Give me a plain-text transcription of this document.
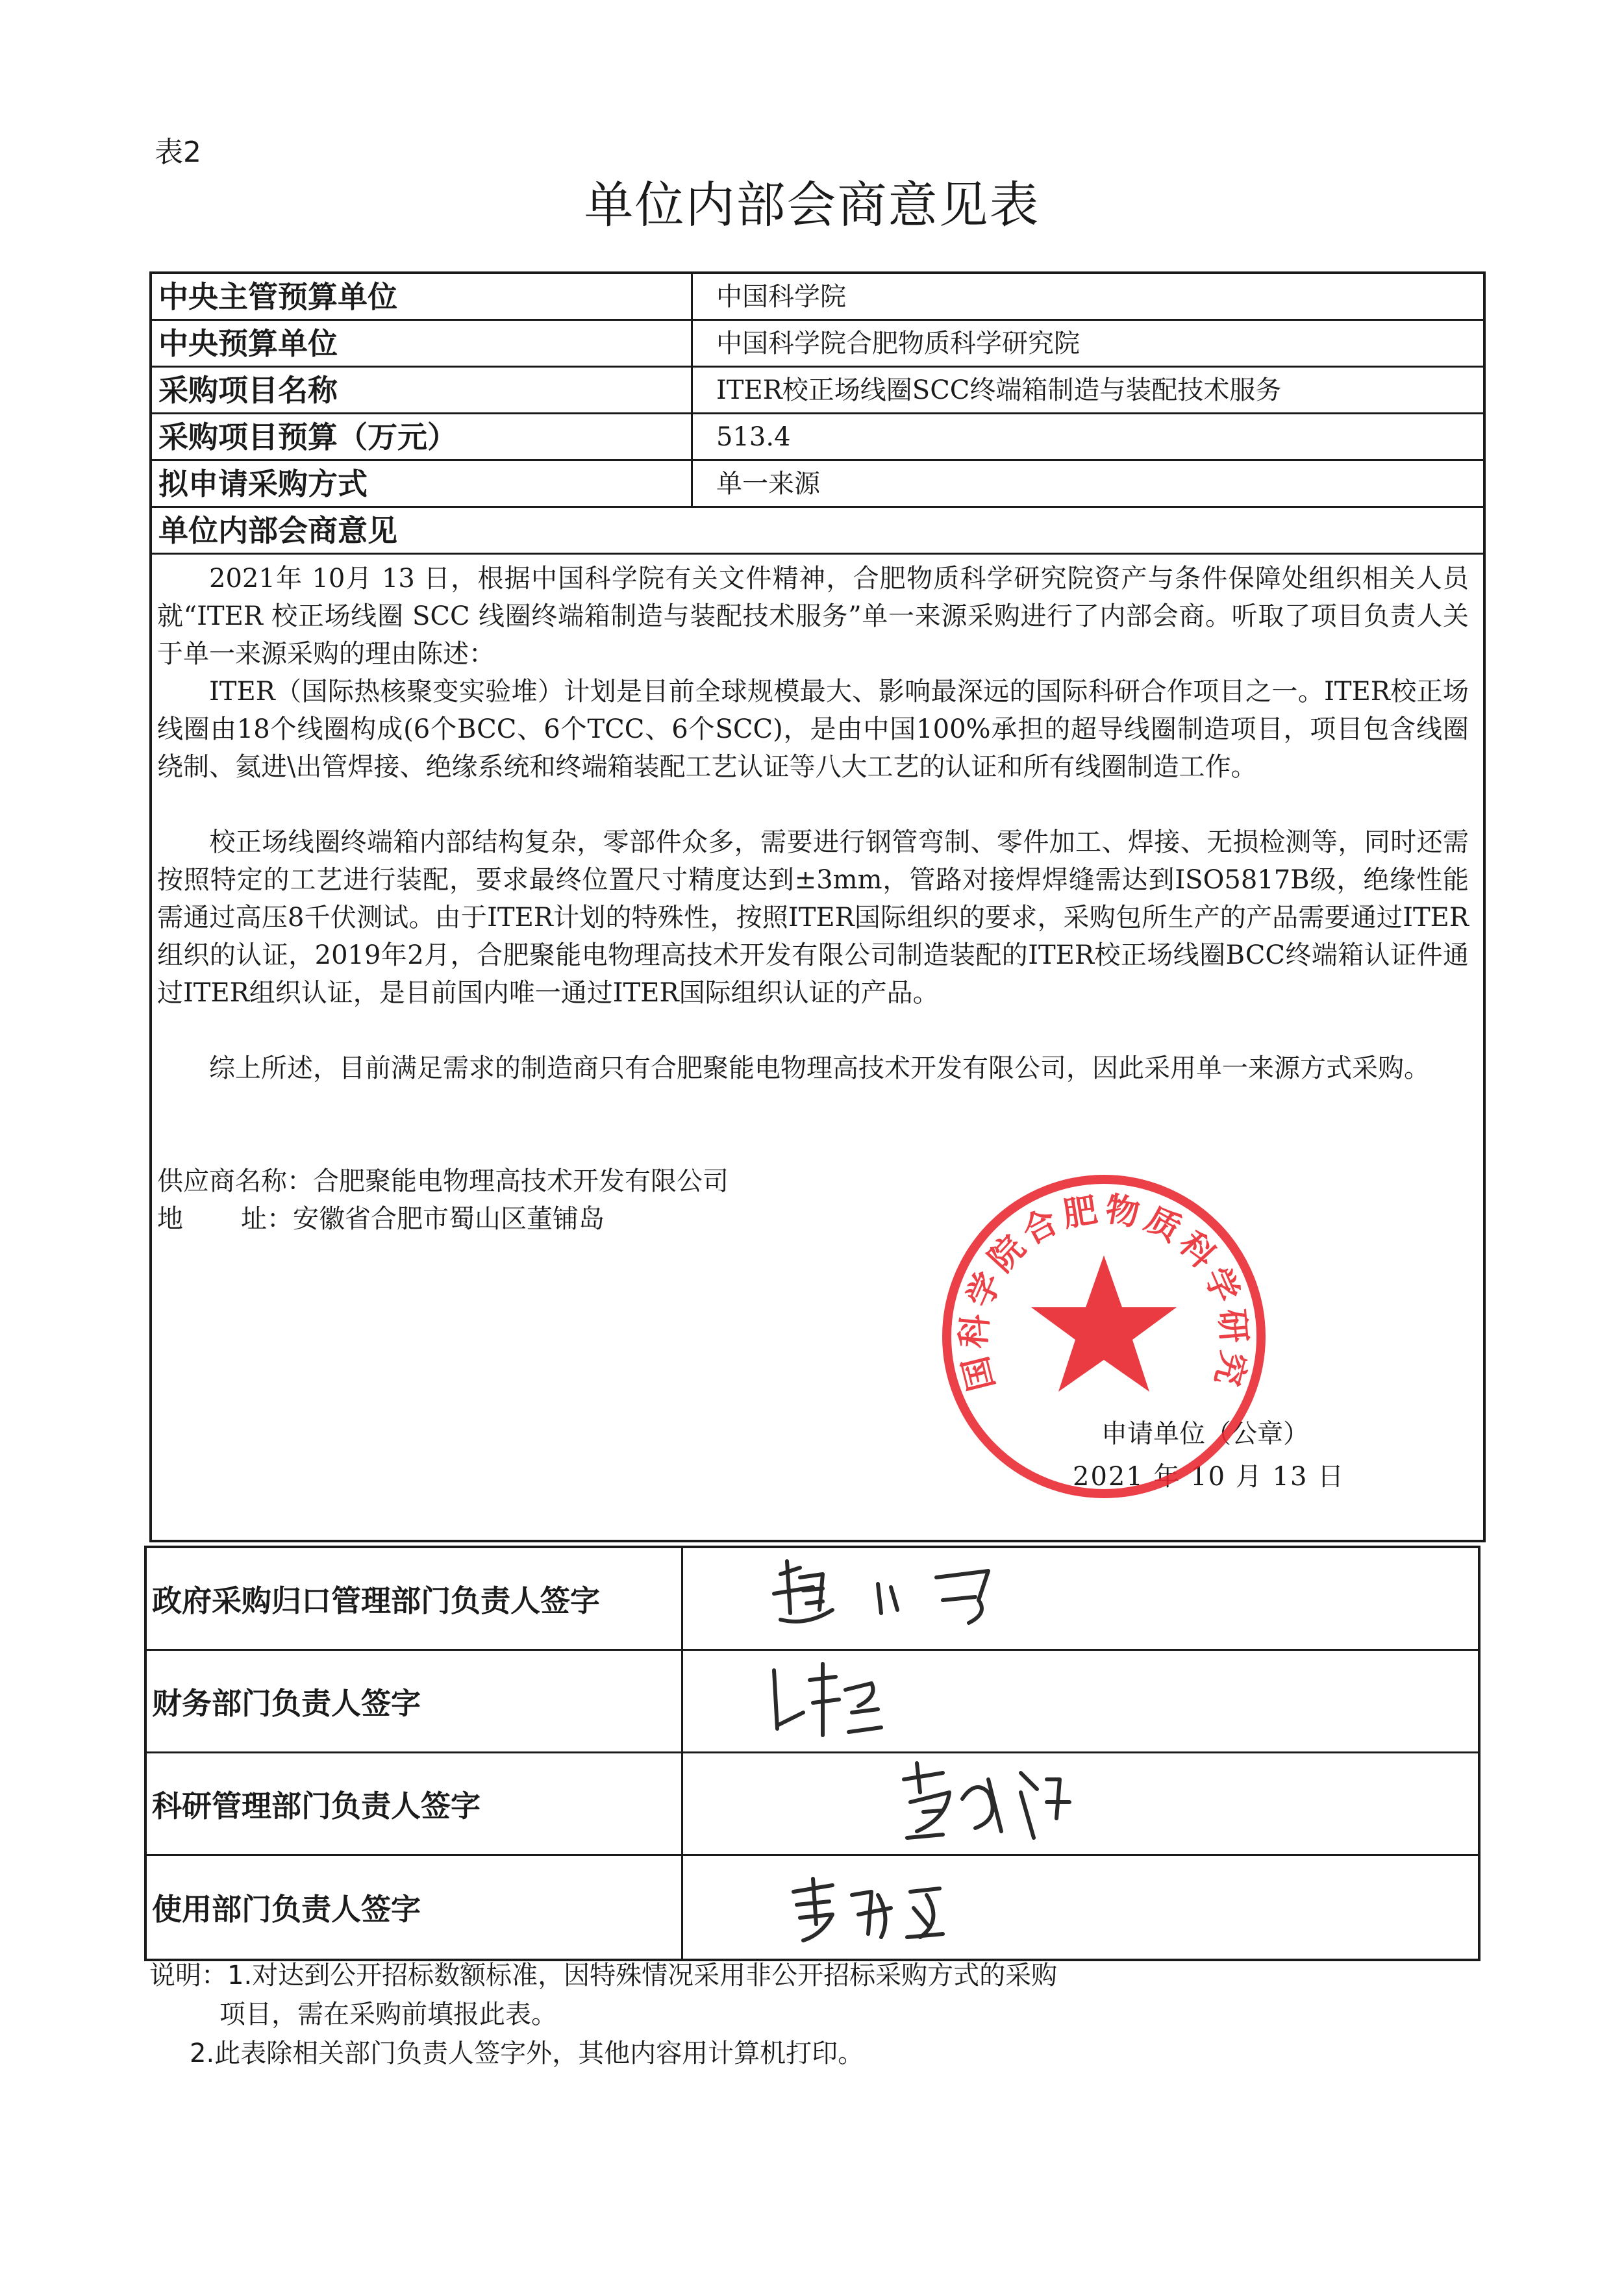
表2
单位内部会商意见表
中央主管预算单位	中国科学院
中央预算单位	中国科学院合肥物质科学研究院
采购项目名称	ITER校正场线圈SCC终端箱制造与装配技术服务
采购项目预算（万元）	513.4
拟申请采购方式	单一来源
单位内部会商意见
  2021年 10月 13 日，根据中国科学院有关文件精神，合肥物质科学研究院资产与条件保障处组织相关人员就“ITER 校正场线圈 SCC 线圈终端箱制造与装配技术服务”单一来源采购进行了内部会商。听取了项目负责人关于单一来源采购的理由陈述：
  ITER（国际热核聚变实验堆）计划是目前全球规模最大、影响最深远的国际科研合作项目之一。ITER校正场线圈由18个线圈构成(6个BCC、6个TCC、6个SCC)，是由中国100%承担的超导线圈制造项目，项目包含线圈绕制、氦进\出管焊接、绝缘系统和终端箱装配工艺认证等八大工艺的认证和所有线圈制造工作。
  校正场线圈终端箱内部结构复杂，零部件众多，需要进行钢管弯制、零件加工、焊接、无损检测等，同时还需按照特定的工艺进行装配，要求最终位置尺寸精度达到±3mm，管路对接焊焊缝需达到ISO5817B级，绝缘性能需通过高压8千伏测试。由于ITER计划的特殊性，按照ITER国际组织的要求，采购包所生产的产品需要通过ITER组织的认证，2019年2月，合肥聚能电物理高技术开发有限公司制造装配的ITER校正场线圈BCC终端箱认证件通过ITER组织认证，是目前国内唯一通过ITER国际组织认证的产品。
  综上所述，目前满足需求的制造商只有合肥聚能电物理高技术开发有限公司，因此采用单一来源方式采购。
供应商名称：合肥聚能电物理高技术开发有限公司
地       址：安徽省合肥市蜀山区董铺岛
申请单位（公章）
2021 年 10 月 13 日
国科学院合肥物质科学研究
政府采购归口管理部门负责人签字
财务部门负责人签字
科研管理部门负责人签字
使用部门负责人签字
说明：1.对达到公开招标数额标准，因特殊情况采用非公开招标采购方式的采购
项目，需在采购前填报此表。
2.此表除相关部门负责人签字外，其他内容用计算机打印。
